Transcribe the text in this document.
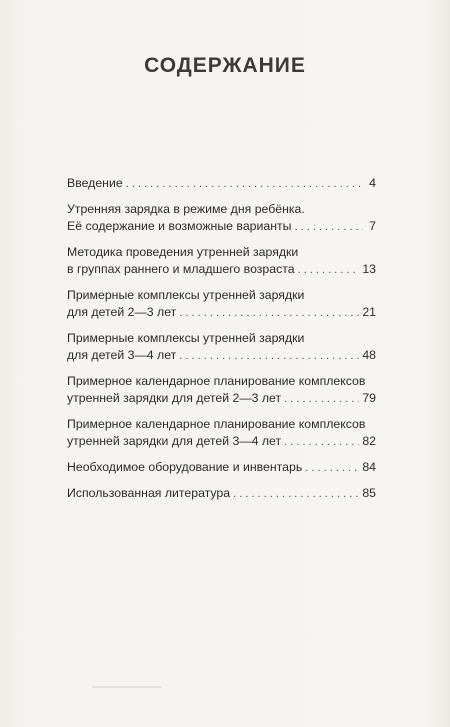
СОДЕРЖАНИЕ
Введение . . .	4
Утренняя зарядка в режиме дня ребёнка.
Её содержание и возможные варианты . . .	7
Методика проведения утренней зарядки
в группах раннего и младшего возраста . . .	13
Примерные комплексы утренней зарядки
для детей 2—3 лет . . .	21
Примерные комплексы утренней зарядки
для детей 3—4 лет . . .	48
Примерное календарное планирование комплексов
утренней зарядки для детей 2—3 лет . . .	79
Примерное календарное планирование комплексов
утренней зарядки для детей 3—4 лет . . .	82
Необходимое оборудование и инвентарь . . .	84
Использованная литература . . .	85
